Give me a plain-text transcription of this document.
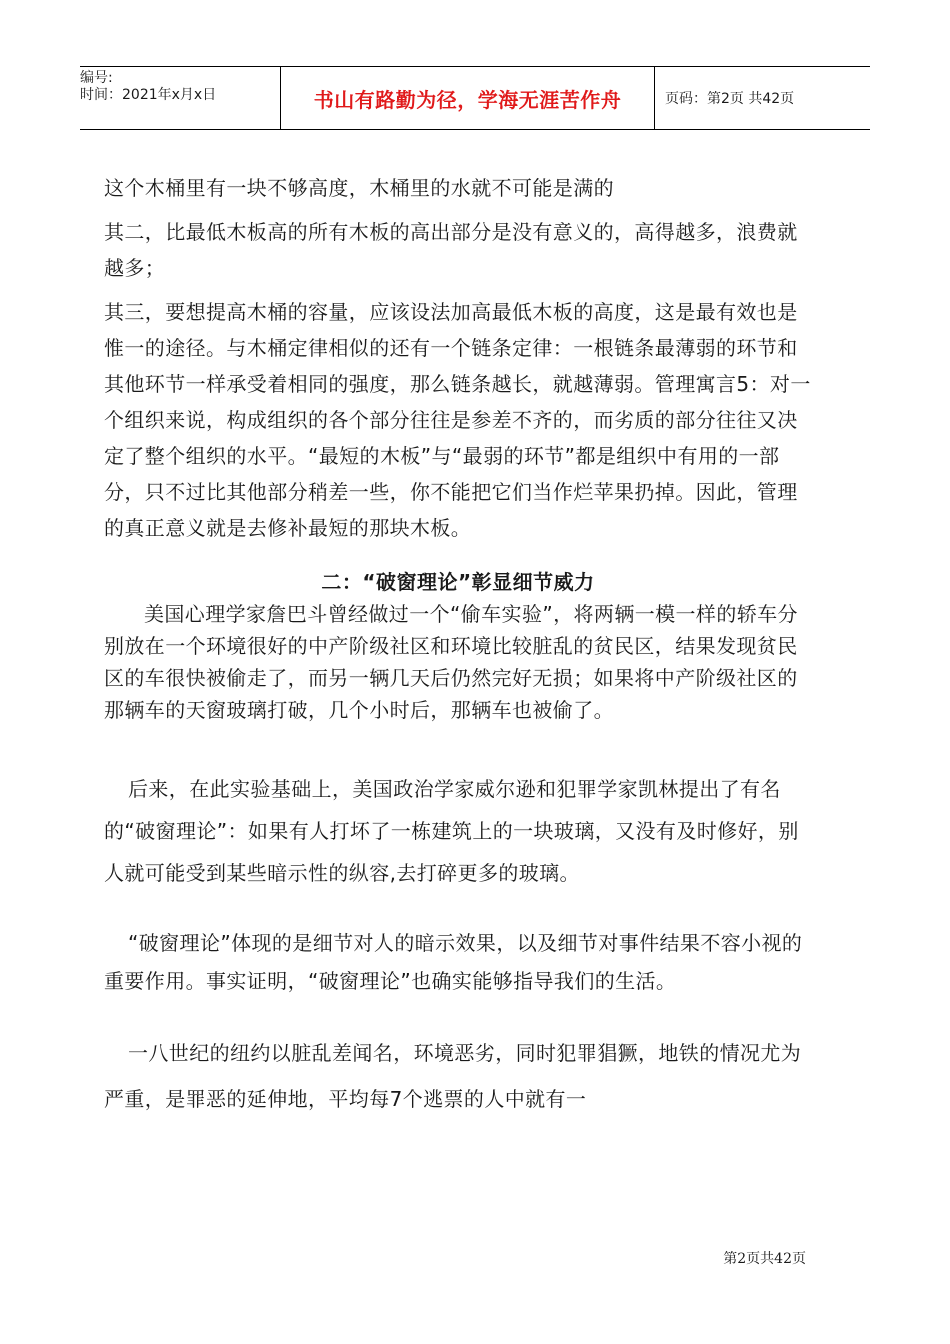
编号:
时间：2021年x月x日	书山有路勤为径，学海无涯苦作舟	页码：第2页 共42页

这个木桶里有一块不够高度，木桶里的水就不可能是满的

其二，比最低木板高的所有木板的高出部分是没有意义的，高得越多，浪费就越多；

其三，要想提高木桶的容量，应该设法加高最低木板的高度，这是最有效也是惟一的途径。与木桶定律相似的还有一个链条定律：一根链条最薄弱的环节和其他环节一样承受着相同的强度，那么链条越长，就越薄弱。管理寓言5：对一个组织来说，构成组织的各个部分往往是参差不齐的，而劣质的部分往往又决定了整个组织的水平。“最短的木板”与“最弱的环节”都是组织中有用的一部分，只不过比其他部分稍差一些，你不能把它们当作烂苹果扔掉。因此，管理的真正意义就是去修补最短的那块木板。

二：“破窗理论”彰显细节威力

美国心理学家詹巴斗曾经做过一个“偷车实验”，将两辆一模一样的轿车分别放在一个环境很好的中产阶级社区和环境比较脏乱的贫民区，结果发现贫民区的车很快被偷走了，而另一辆几天后仍然完好无损；如果将中产阶级社区的那辆车的天窗玻璃打破，几个小时后，那辆车也被偷了。

后来，在此实验基础上，美国政治学家威尔逊和犯罪学家凯林提出了有名的“破窗理论”：如果有人打坏了一栋建筑上的一块玻璃，又没有及时修好，别人就可能受到某些暗示性的纵容,去打碎更多的玻璃。

“破窗理论”体现的是细节对人的暗示效果，以及细节对事件结果不容小视的重要作用。事实证明，“破窗理论”也确实能够指导我们的生活。

一八世纪的纽约以脏乱差闻名，环境恶劣，同时犯罪猖獗，地铁的情况尤为严重，是罪恶的延伸地，平均每7个逃票的人中就有一

第2页共42页
